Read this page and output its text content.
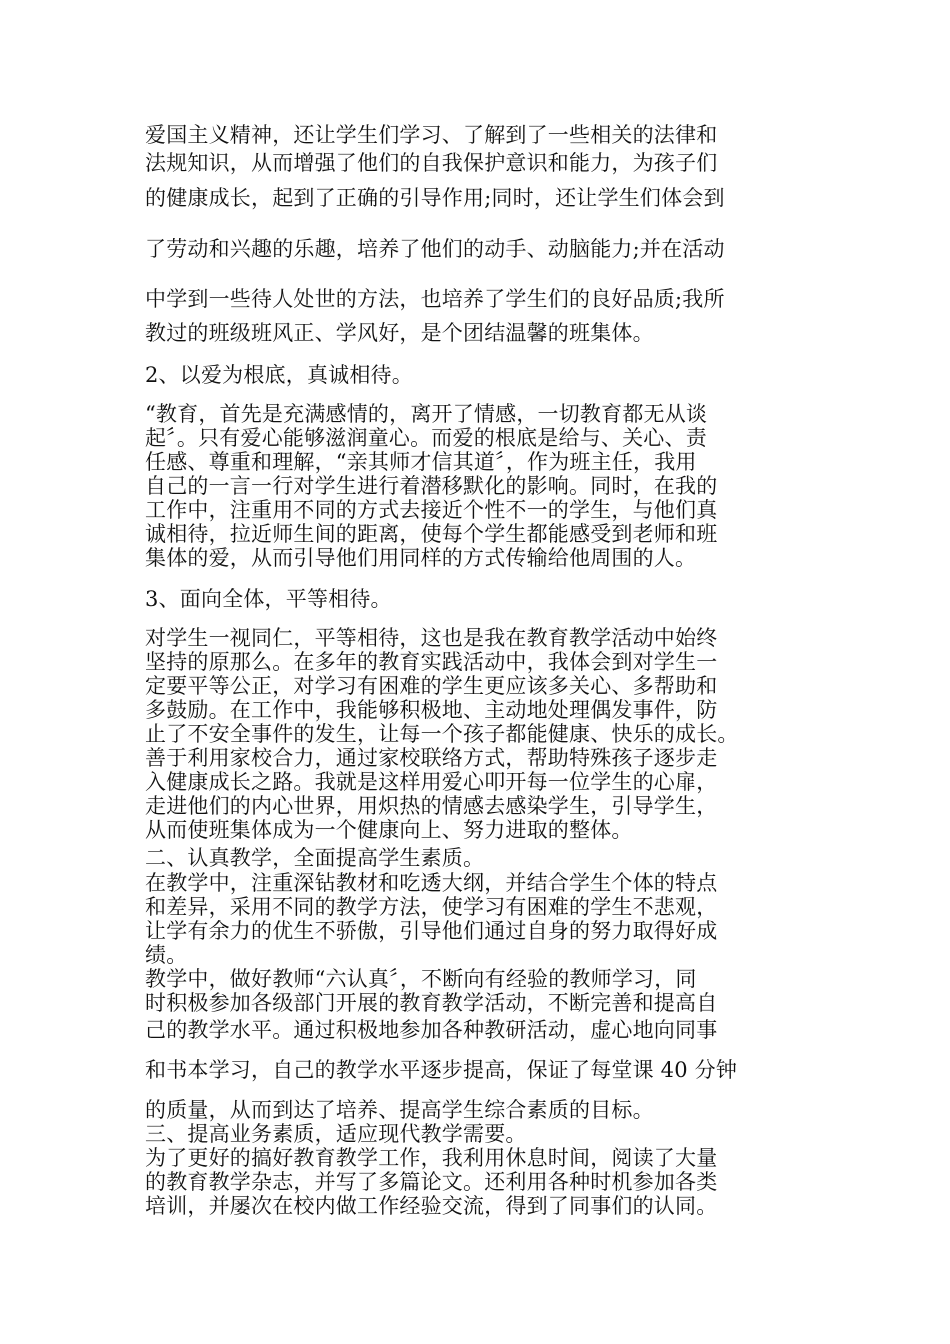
爱国主义精神，还让学生们学习、了解到了一些相关的法律和
法规知识，从而增强了他们的自我保护意识和能力，为孩子们
的健康成长，起到了正确的引导作用;同时，还让学生们体会到
了劳动和兴趣的乐趣，培养了他们的动手、动脑能力;并在活动
中学到一些待人处世的方法，也培养了学生们的良好品质;我所
教过的班级班风正、学风好，是个团结温馨的班集体。
2、以爱为根底，真诚相待。
“教育，首先是充满感情的，离开了情感，一切教育都无从谈
起〞。只有爱心能够滋润童心。而爱的根底是给与、关心、责
任感、尊重和理解，“亲其师才信其道〞，作为班主任，我用
自己的一言一行对学生进行着潜移默化的影响。同时，在我的
工作中，注重用不同的方式去接近个性不一的学生，与他们真
诚相待，拉近师生间的距离，使每个学生都能感受到老师和班
集体的爱，从而引导他们用同样的方式传输给他周围的人。
3、面向全体，平等相待。
对学生一视同仁，平等相待，这也是我在教育教学活动中始终
坚持的原那么。在多年的教育实践活动中，我体会到对学生一
定要平等公正，对学习有困难的学生更应该多关心、多帮助和
多鼓励。在工作中，我能够积极地、主动地处理偶发事件，防
止了不安全事件的发生，让每一个孩子都能健康、快乐的成长。
善于利用家校合力，通过家校联络方式，帮助特殊孩子逐步走
入健康成长之路。我就是这样用爱心叩开每一位学生的心扉，
走进他们的内心世界，用炽热的情感去感染学生，引导学生，
从而使班集体成为一个健康向上、努力进取的整体。
二、认真教学，全面提高学生素质。
在教学中，注重深钻教材和吃透大纲，并结合学生个体的特点
和差异，采用不同的教学方法，使学习有困难的学生不悲观，
让学有余力的优生不骄傲，引导他们通过自身的努力取得好成
绩。
教学中，做好教师“六认真〞，不断向有经验的教师学习，同
时积极参加各级部门开展的教育教学活动，不断完善和提高自
己的教学水平。通过积极地参加各种教研活动，虚心地向同事
和书本学习，自己的教学水平逐步提高，保证了每堂课 40 分钟
的质量，从而到达了培养、提高学生综合素质的目标。
三、提高业务素质，适应现代教学需要。
为了更好的搞好教育教学工作，我利用休息时间，阅读了大量
的教育教学杂志，并写了多篇论文。还利用各种时机参加各类
培训，并屡次在校内做工作经验交流，得到了同事们的认同。
